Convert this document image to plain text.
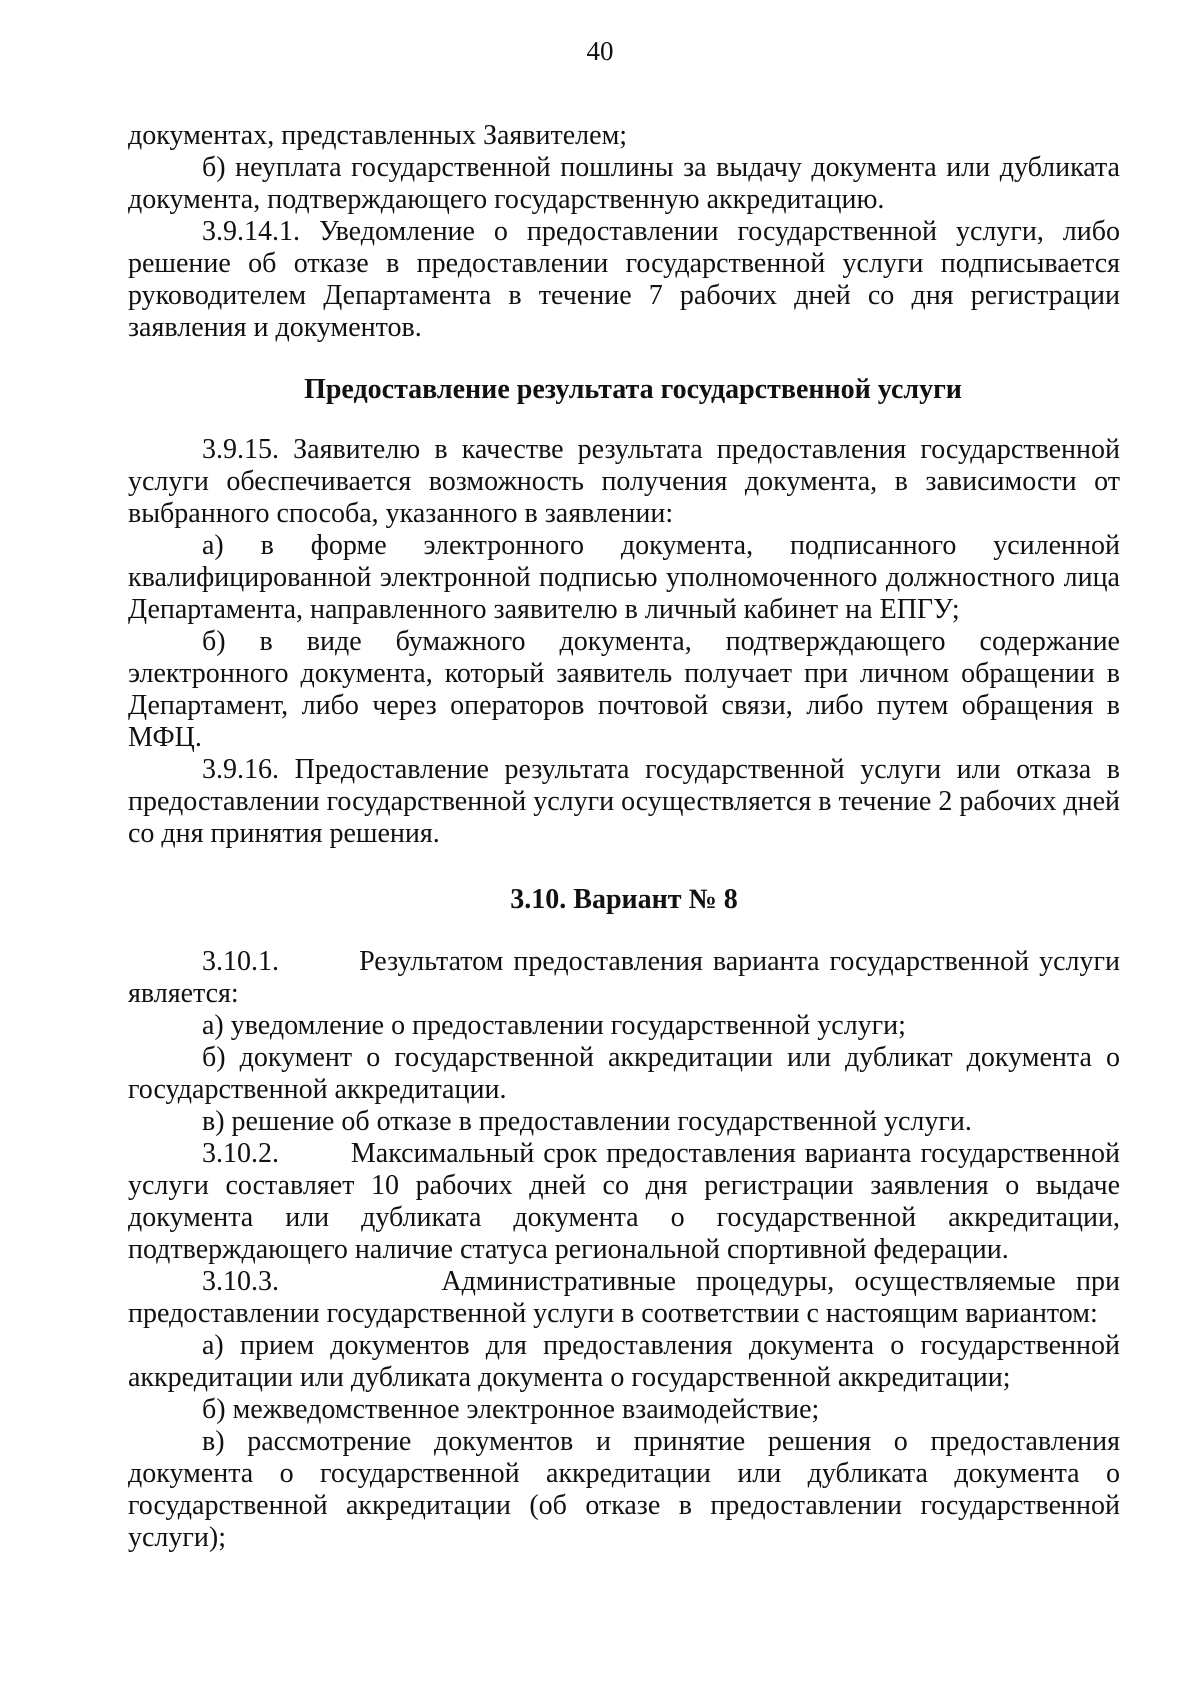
40

документах, представленных Заявителем;

б) неуплата государственной пошлины за выдачу документа или дубликата документа, подтверждающего государственную аккредитацию.

3.9.14.1. Уведомление о предоставлении государственной услуги, либо решение об отказе в предоставлении государственной услуги подписывается руководителем Департамента в течение 7 рабочих дней со дня регистрации заявления и документов.

Предоставление результата государственной услуги

3.9.15. Заявителю в качестве результата предоставления государственной услуги обеспечивается возможность получения документа, в зависимости от выбранного способа, указанного в заявлении:

а) в форме электронного документа, подписанного усиленной квалифицированной электронной подписью уполномоченного должностного лица Департамента, направленного заявителю в личный кабинет на ЕПГУ;

б) в виде бумажного документа, подтверждающего содержание электронного документа, который заявитель получает при личном обращении в Департамент, либо через операторов почтовой связи, либо путем обращения в МФЦ.

3.9.16. Предоставление результата государственной услуги или отказа в предоставлении государственной услуги осуществляется в течение 2 рабочих дней со дня принятия решения.

3.10. Вариант № 8

3.10.1.        Результатом предоставления варианта государственной услуги является:

а) уведомление о предоставлении государственной услуги;

б) документ о государственной аккредитации или дубликат документа о государственной аккредитации.

в) решение об отказе в предоставлении государственной услуги.

3.10.2.        Максимальный срок предоставления варианта государственной услуги составляет 10 рабочих дней со дня регистрации заявления о выдаче документа или дубликата документа о государственной аккредитации, подтверждающего наличие статуса региональной спортивной федерации.

3.10.3.        Административные процедуры, осуществляемые при предоставлении государственной услуги в соответствии с настоящим вариантом:

а) прием документов для предоставления документа о государственной аккредитации или дубликата документа о государственной аккредитации;

б) межведомственное электронное взаимодействие;

в) рассмотрение документов и принятие решения о предоставления документа о государственной аккредитации или дубликата документа о государственной аккредитации (об отказе в предоставлении государственной услуги);
